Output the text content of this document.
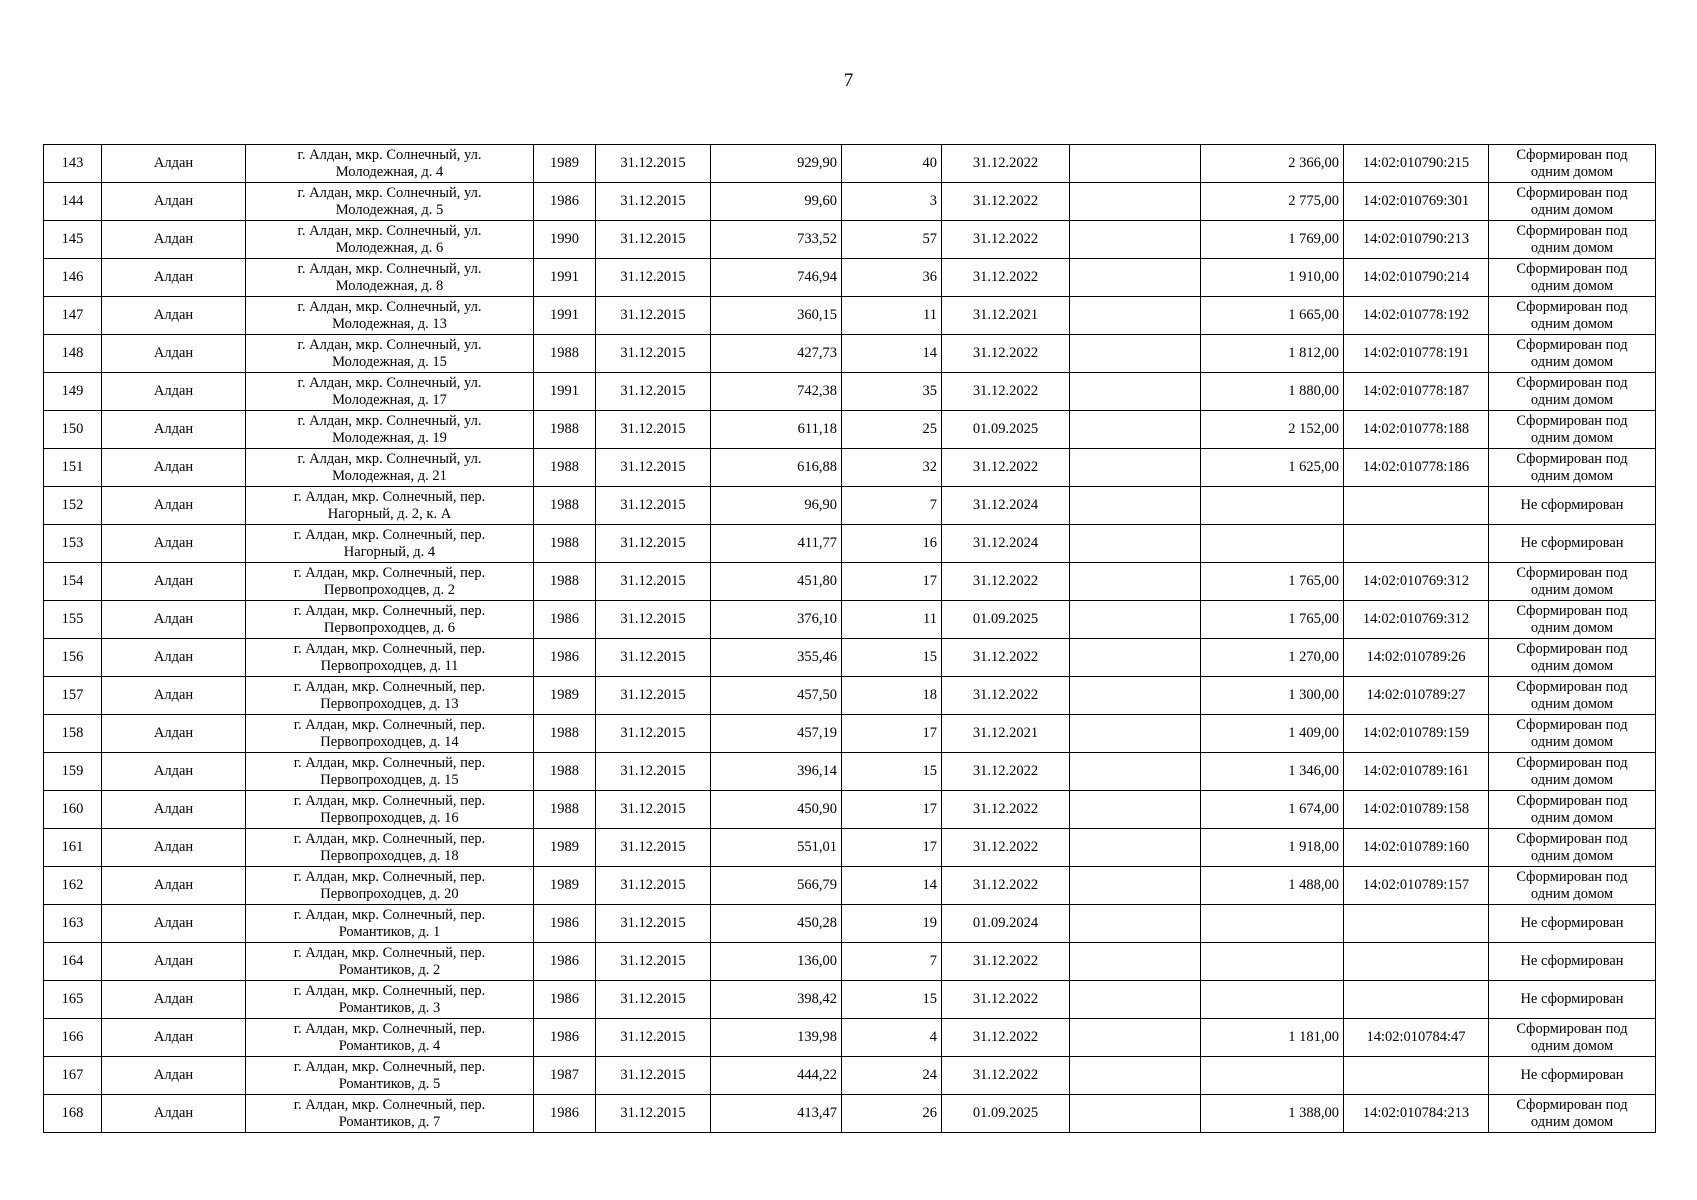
7
143	Алдан	г. Алдан, мкр. Солнечный, ул.
Молодежная, д. 4	1989	31.12.2015	929,90	40	31.12.2022		2 366,00	14:02:010790:215	Сформирован под
одним домом
144	Алдан	г. Алдан, мкр. Солнечный, ул.
Молодежная, д. 5	1986	31.12.2015	99,60	3	31.12.2022		2 775,00	14:02:010769:301	Сформирован под
одним домом
145	Алдан	г. Алдан, мкр. Солнечный, ул.
Молодежная, д. 6	1990	31.12.2015	733,52	57	31.12.2022		1 769,00	14:02:010790:213	Сформирован под
одним домом
146	Алдан	г. Алдан, мкр. Солнечный, ул.
Молодежная, д. 8	1991	31.12.2015	746,94	36	31.12.2022		1 910,00	14:02:010790:214	Сформирован под
одним домом
147	Алдан	г. Алдан, мкр. Солнечный, ул.
Молодежная, д. 13	1991	31.12.2015	360,15	11	31.12.2021		1 665,00	14:02:010778:192	Сформирован под
одним домом
148	Алдан	г. Алдан, мкр. Солнечный, ул.
Молодежная, д. 15	1988	31.12.2015	427,73	14	31.12.2022		1 812,00	14:02:010778:191	Сформирован под
одним домом
149	Алдан	г. Алдан, мкр. Солнечный, ул.
Молодежная, д. 17	1991	31.12.2015	742,38	35	31.12.2022		1 880,00	14:02:010778:187	Сформирован под
одним домом
150	Алдан	г. Алдан, мкр. Солнечный, ул.
Молодежная, д. 19	1988	31.12.2015	611,18	25	01.09.2025		2 152,00	14:02:010778:188	Сформирован под
одним домом
151	Алдан	г. Алдан, мкр. Солнечный, ул.
Молодежная, д. 21	1988	31.12.2015	616,88	32	31.12.2022		1 625,00	14:02:010778:186	Сформирован под
одним домом
152	Алдан	г. Алдан, мкр. Солнечный, пер.
Нагорный, д. 2, к. А	1988	31.12.2015	96,90	7	31.12.2024				Не сформирован
153	Алдан	г. Алдан, мкр. Солнечный, пер.
Нагорный, д. 4	1988	31.12.2015	411,77	16	31.12.2024				Не сформирован
154	Алдан	г. Алдан, мкр. Солнечный, пер.
Первопроходцев, д. 2	1988	31.12.2015	451,80	17	31.12.2022		1 765,00	14:02:010769:312	Сформирован под
одним домом
155	Алдан	г. Алдан, мкр. Солнечный, пер.
Первопроходцев, д. 6	1986	31.12.2015	376,10	11	01.09.2025		1 765,00	14:02:010769:312	Сформирован под
одним домом
156	Алдан	г. Алдан, мкр. Солнечный, пер.
Первопроходцев, д. 11	1986	31.12.2015	355,46	15	31.12.2022		1 270,00	14:02:010789:26	Сформирован под
одним домом
157	Алдан	г. Алдан, мкр. Солнечный, пер.
Первопроходцев, д. 13	1989	31.12.2015	457,50	18	31.12.2022		1 300,00	14:02:010789:27	Сформирован под
одним домом
158	Алдан	г. Алдан, мкр. Солнечный, пер.
Первопроходцев, д. 14	1988	31.12.2015	457,19	17	31.12.2021		1 409,00	14:02:010789:159	Сформирован под
одним домом
159	Алдан	г. Алдан, мкр. Солнечный, пер.
Первопроходцев, д. 15	1988	31.12.2015	396,14	15	31.12.2022		1 346,00	14:02:010789:161	Сформирован под
одним домом
160	Алдан	г. Алдан, мкр. Солнечный, пер.
Первопроходцев, д. 16	1988	31.12.2015	450,90	17	31.12.2022		1 674,00	14:02:010789:158	Сформирован под
одним домом
161	Алдан	г. Алдан, мкр. Солнечный, пер.
Первопроходцев, д. 18	1989	31.12.2015	551,01	17	31.12.2022		1 918,00	14:02:010789:160	Сформирован под
одним домом
162	Алдан	г. Алдан, мкр. Солнечный, пер.
Первопроходцев, д. 20	1989	31.12.2015	566,79	14	31.12.2022		1 488,00	14:02:010789:157	Сформирован под
одним домом
163	Алдан	г. Алдан, мкр. Солнечный, пер.
Романтиков, д. 1	1986	31.12.2015	450,28	19	01.09.2024				Не сформирован
164	Алдан	г. Алдан, мкр. Солнечный, пер.
Романтиков, д. 2	1986	31.12.2015	136,00	7	31.12.2022				Не сформирован
165	Алдан	г. Алдан, мкр. Солнечный, пер.
Романтиков, д. 3	1986	31.12.2015	398,42	15	31.12.2022				Не сформирован
166	Алдан	г. Алдан, мкр. Солнечный, пер.
Романтиков, д. 4	1986	31.12.2015	139,98	4	31.12.2022		1 181,00	14:02:010784:47	Сформирован под
одним домом
167	Алдан	г. Алдан, мкр. Солнечный, пер.
Романтиков, д. 5	1987	31.12.2015	444,22	24	31.12.2022				Не сформирован
168	Алдан	г. Алдан, мкр. Солнечный, пер.
Романтиков, д. 7	1986	31.12.2015	413,47	26	01.09.2025		1 388,00	14:02:010784:213	Сформирован под
одним домом
